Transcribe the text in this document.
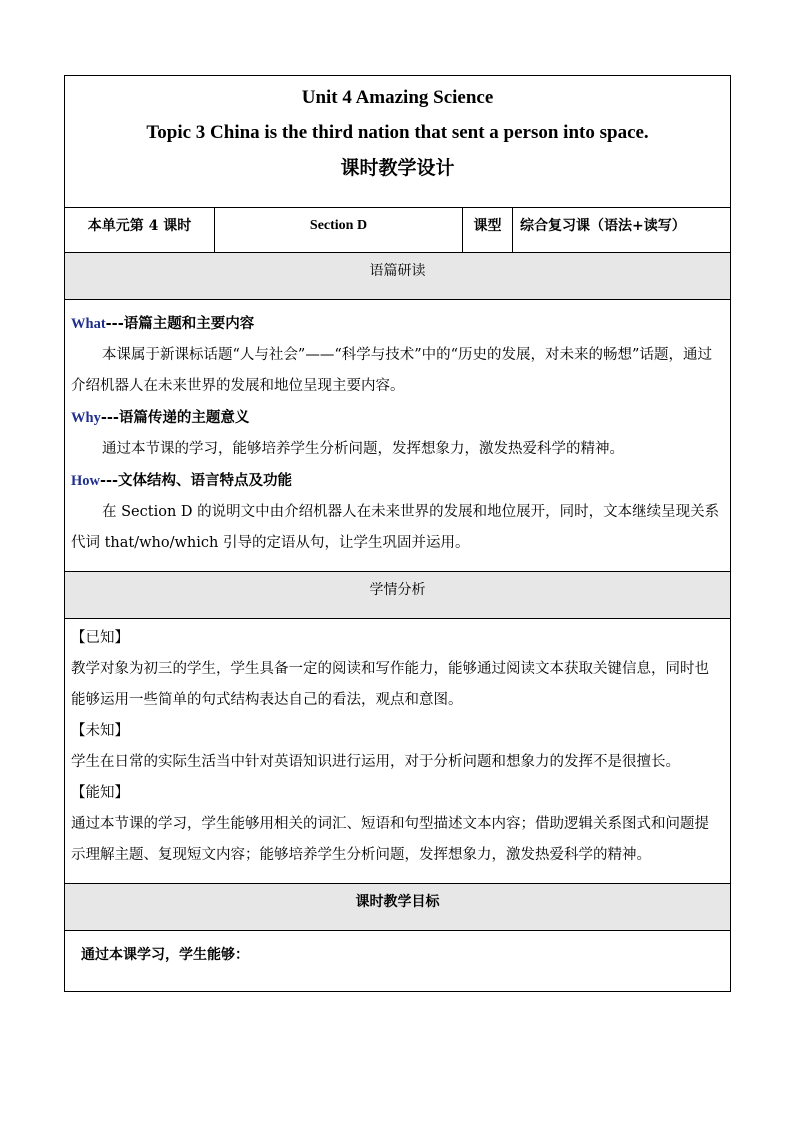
Unit 4 Amazing Science
Topic 3 China is the third nation that sent a person into space.
课时教学设计

本单元第 4 课时	Section D	课型	综合复习课（语法+读写）

语篇研读

What---语篇主题和主要内容

本课属于新课标话题“人与社会”——“科学与技术”中的“历史的发展，对未来的畅想”话题，通过介绍机器人在未来世界的发展和地位呈现主要内容。

Why---语篇传递的主题意义

通过本节课的学习，能够培养学生分析问题，发挥想象力，激发热爱科学的精神。

How---文体结构、语言特点及功能

在 Section D 的说明文中由介绍机器人在未来世界的发展和地位展开，同时，文本继续呈现关系代词 that/who/which 引导的定语从句，让学生巩固并运用。

学情分析

【已知】

教学对象为初三的学生，学生具备一定的阅读和写作能力，能够通过阅读文本获取关键信息，同时也能够运用一些简单的句式结构表达自己的看法，观点和意图。

【未知】

学生在日常的实际生活当中针对英语知识进行运用，对于分析问题和想象力的发挥不是很擅长。

【能知】

通过本节课的学习，学生能够用相关的词汇、短语和句型描述文本内容；借助逻辑关系图式和问题提示理解主题、复现短文内容；能够培养学生分析问题，发挥想象力，激发热爱科学的精神。

课时教学目标

通过本课学习，学生能够：
